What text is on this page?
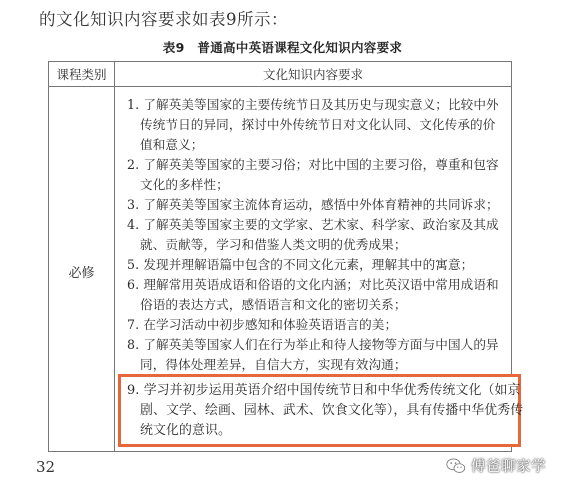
的文化知识内容要求如表9所示：
表9　普通高中英语课程文化知识内容要求
课程类别	文化知识内容要求
必修
1. 了解英美等国家的主要传统节日及其历史与现实意义；比较中外传统节日的异同，探讨中外传统节日对文化认同、文化传承的价值和意义；
2. 了解英美等国家的主要习俗；对比中国的主要习俗，尊重和包容文化的多样性；
3. 了解英美等国家主流体育运动，感悟中外体育精神的共同诉求；
4. 了解英美等国家主要的文学家、艺术家、科学家、政治家及其成就、贡献等，学习和借鉴人类文明的优秀成果；
5. 发现并理解语篇中包含的不同文化元素，理解其中的寓意；
6. 理解常用英语成语和俗语的文化内涵；对比英汉语中常用成语和俗语的表达方式，感悟语言和文化的密切关系；
7. 在学习活动中初步感知和体验英语语言的美；
8. 了解英美等国家人们在行为举止和待人接物等方面与中国人的异同，得体处理差异，自信大方，实现有效沟通；
9. 学习并初步运用英语介绍中国传统节日和中华优秀传统文化（如京剧、文学、绘画、园林、武术、饮食文化等），具有传播中华优秀传统文化的意识。
32	傅爸聊家学
